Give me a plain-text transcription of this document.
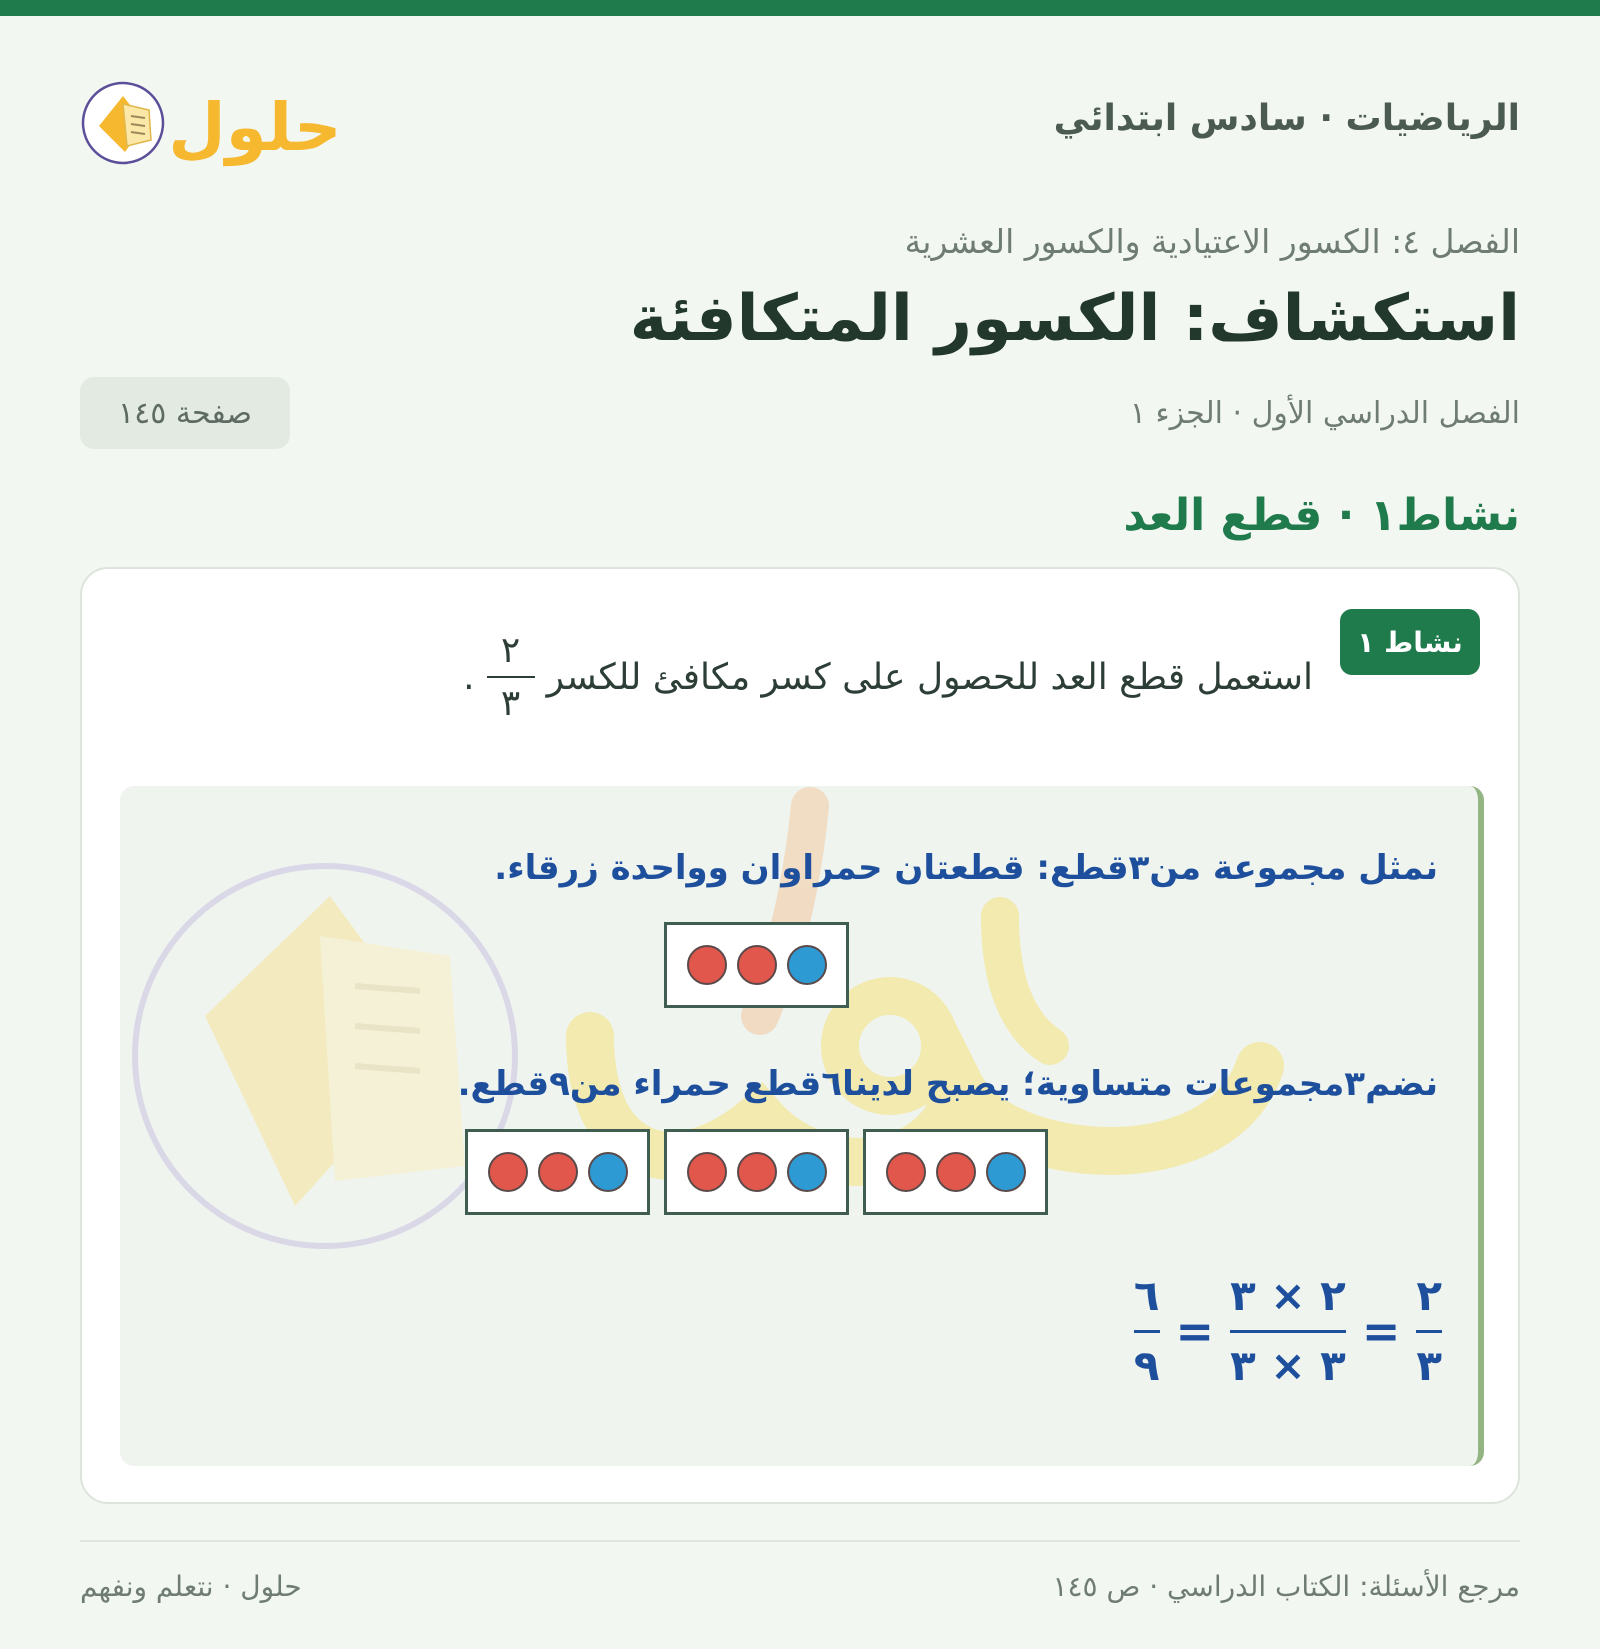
حلول	الرياضيات · سادس ابتدائي
الفصل ٤: الكسور الاعتيادية والكسور العشرية
استكشاف: الكسور المتكافئة
الفصل الدراسي الأول · الجزء ١
صفحة ١٤٥
نشاط١ · قطع العد
نشاط ١
استعمل قطع العد للحصول على كسر مكافئ للكسر
$\frac{٢}{٣}$
.
نمثل مجموعة من٣قطع: قطعتان حمراوان وواحدة زرقاء.
نضم٣مجموعات متساوية؛ يصبح لدينا٦قطع حمراء من٩قطع.
$\frac{٢}{٣}$
=
$\frac{٢ \times ٣}{٣ \times ٣}$
=
$\frac{٦}{٩}$
مرجع الأسئلة: الكتاب الدراسي · ص ١٤٥
حلول · نتعلم ونفهم
